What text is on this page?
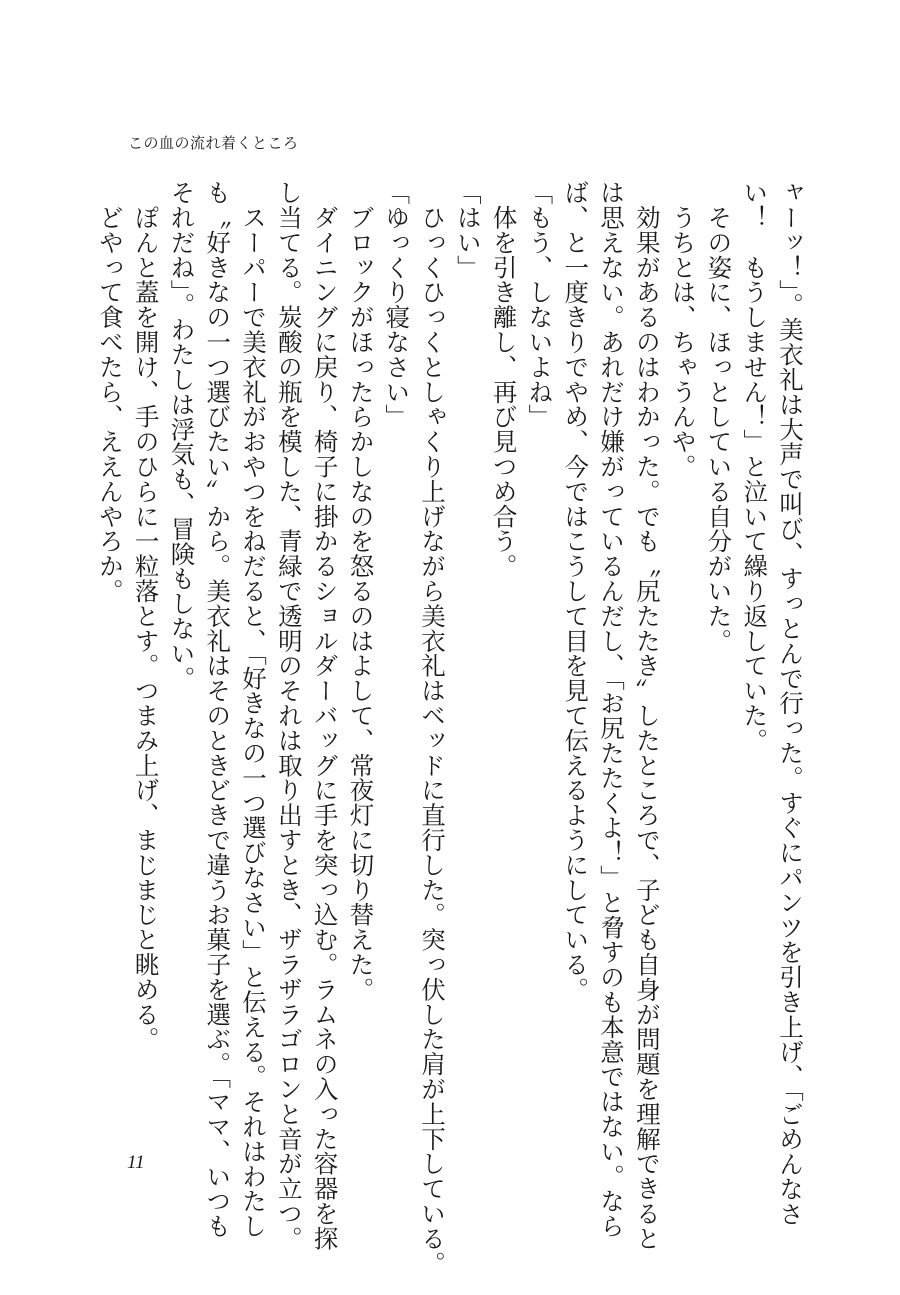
この血の流れ着くところ
ャーッ！」。美衣礼は大声で叫び、すっとんで行った。すぐにパンツを引き上げ、「ごめんなさ
い！　もうしません！」と泣いて繰り返していた。
　その姿に、ほっとしている自分がいた。
　うちとは、ちゃうんや。
　効果があるのはわかった。でも〝尻たたき〟したところで、子ども自身が問題を理解できると
は思えない。あれだけ嫌がっているんだし、「お尻たたくよ！」と脅すのも本意ではない。なら
ば、と一度きりでやめ、今ではこうして目を見て伝えるようにしている。
「もう、しないよね」
　体を引き離し、再び見つめ合う。
「はい」
　ひっくひっくとしゃくり上げながら美衣礼はベッドに直行した。突っ伏した肩が上下している。
「ゆっくり寝なさい」
　ブロックがほったらかしなのを怒るのはよして、常夜灯に切り替えた。
　ダイニングに戻り、椅子に掛かるショルダーバッグに手を突っ込む。ラムネの入った容器を探
し当てる。炭酸の瓶を模した、青緑で透明のそれは取り出すとき、ザラザラゴロンと音が立つ。
　スーパーで美衣礼がおやつをねだると、「好きなの一つ選びなさい」と伝える。それはわたし
も〝好きなの一つ選びたい〟から。美衣礼はそのときどきで違うお菓子を選ぶ。「ママ、いつも
それだね」。わたしは浮気も、冒険もしない。
　ぽんと蓋を開け、手のひらに一粒落とす。つまみ上げ、まじまじと眺める。
　どやって食べたら、ええんやろか。
11
